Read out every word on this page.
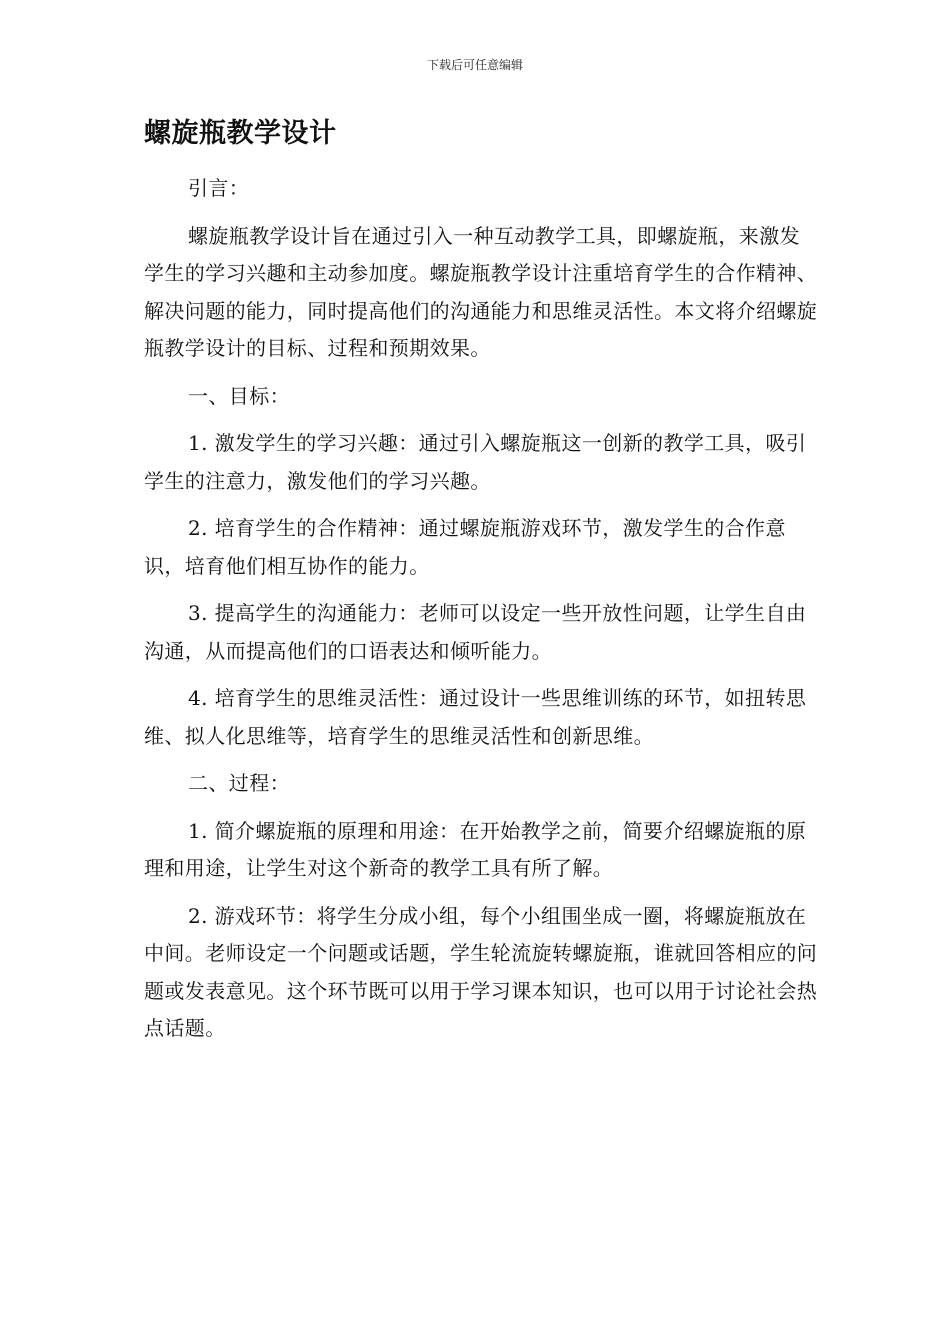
下载后可任意编辑
螺旋瓶教学设计

引言：

螺旋瓶教学设计旨在通过引入一种互动教学工具，即螺旋瓶，来激发学生的学习兴趣和主动参加度。螺旋瓶教学设计注重培育学生的合作精神、解决问题的能力，同时提高他们的沟通能力和思维灵活性。本文将介绍螺旋瓶教学设计的目标、过程和预期效果。

一、目标：

1. 激发学生的学习兴趣：通过引入螺旋瓶这一创新的教学工具，吸引学生的注意力，激发他们的学习兴趣。

2. 培育学生的合作精神：通过螺旋瓶游戏环节，激发学生的合作意识，培育他们相互协作的能力。

3. 提高学生的沟通能力：老师可以设定一些开放性问题，让学生自由沟通，从而提高他们的口语表达和倾听能力。

4. 培育学生的思维灵活性：通过设计一些思维训练的环节，如扭转思维、拟人化思维等，培育学生的思维灵活性和创新思维。

二、过程：

1. 简介螺旋瓶的原理和用途：在开始教学之前，简要介绍螺旋瓶的原理和用途，让学生对这个新奇的教学工具有所了解。

2. 游戏环节：将学生分成小组，每个小组围坐成一圈，将螺旋瓶放在中间。老师设定一个问题或话题，学生轮流旋转螺旋瓶，谁就回答相应的问题或发表意见。这个环节既可以用于学习课本知识，也可以用于讨论社会热点话题。
